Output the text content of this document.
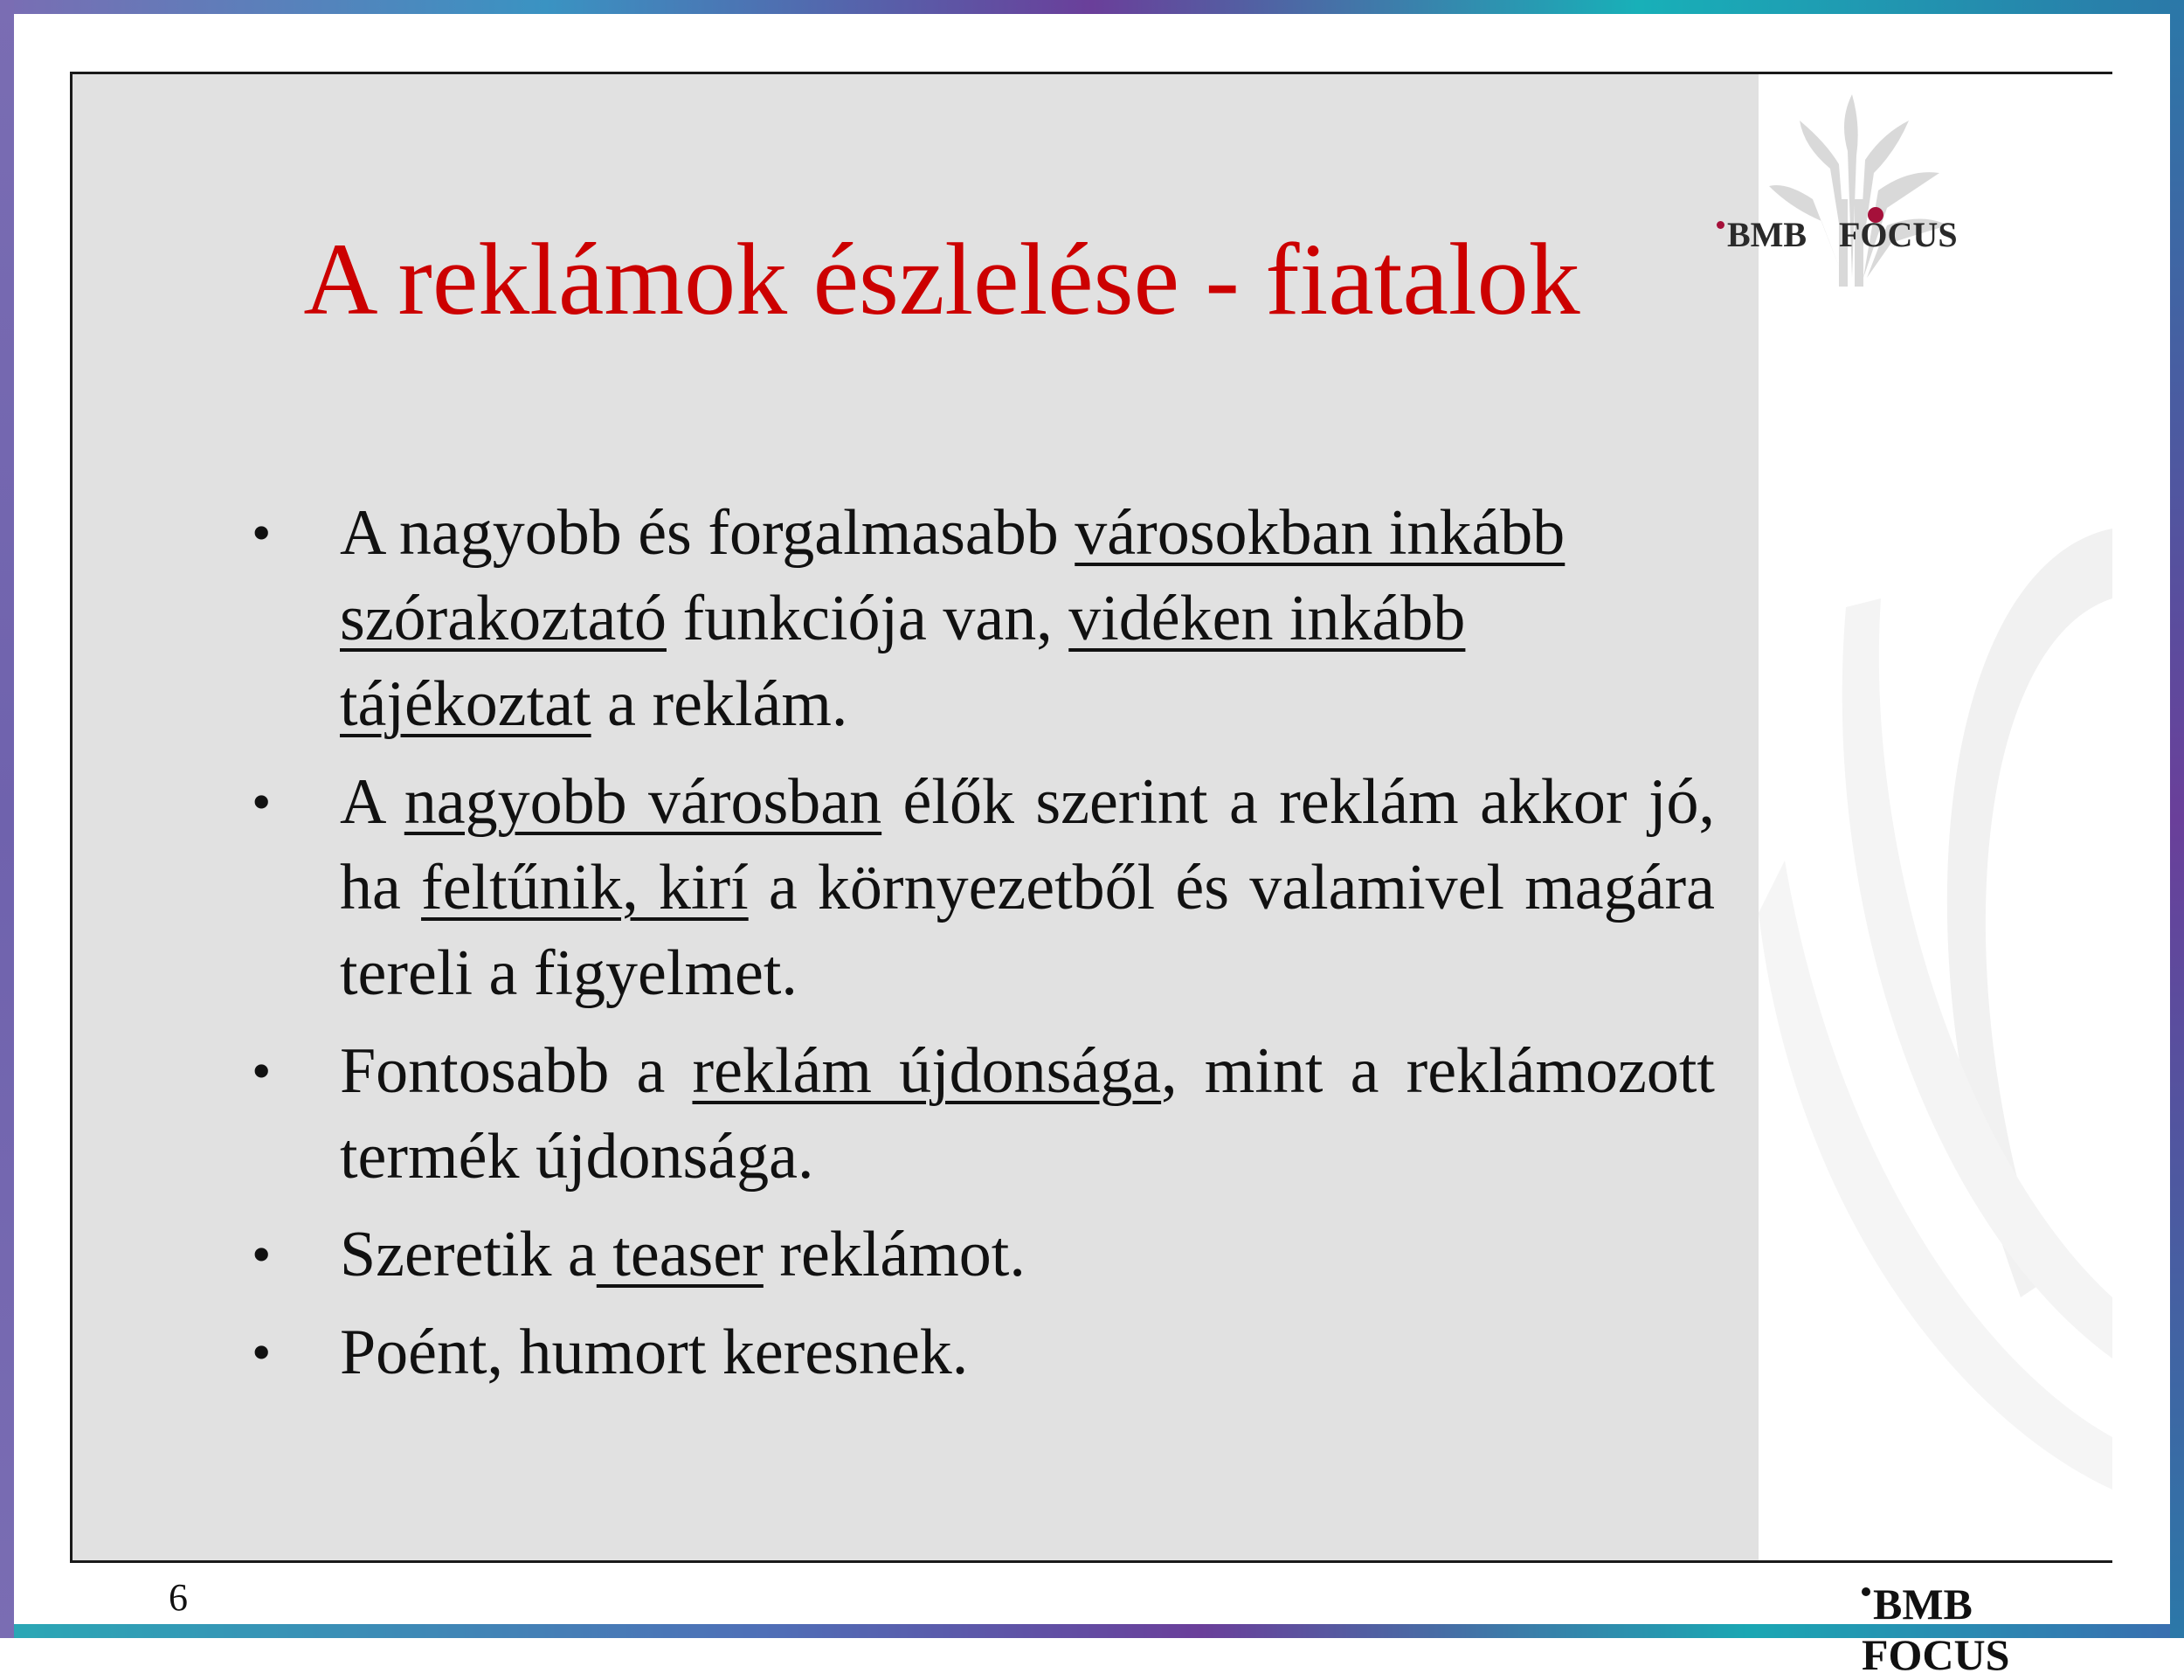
A reklámok észlelése - fiatalok
• A nagyobb és forgalmasabb városokban inkább szórakoztató funkciója van, vidéken inkább tájékoztat a reklám.
• A nagyobb városban élők szerint a reklám akkor jó, ha feltűnik, kirí a környezetből és valamivel magára tereli a figyelmet.
• Fontosabb a reklám újdonsága, mint a reklámozott termék újdonsága.
• Szeretik a teaser reklámot.
• Poént, humort keresnek.
6	BMB FOCUS
BMB FOCUS
